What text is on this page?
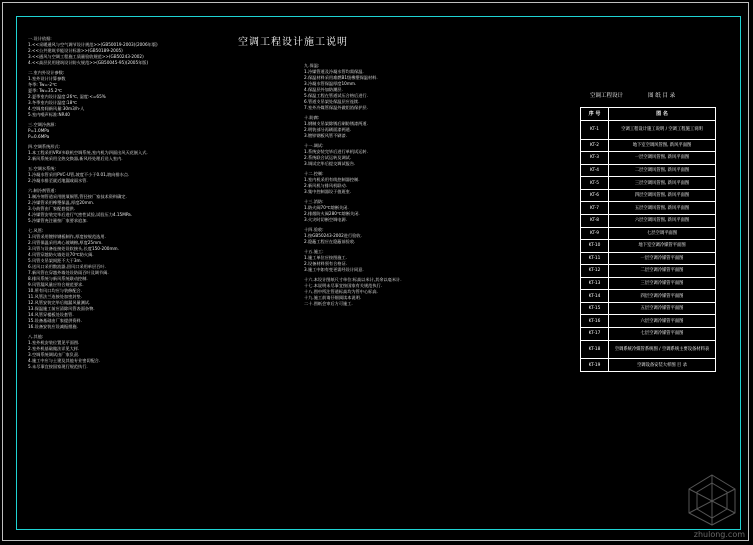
空调工程设计施工说明
一.设计依据:
1.<<采暖通风与空气调节设计规范>>(GB50019-2003)(2006年版)
2.<<公共建筑节能设计标准>>(GB50189-2005)
3.<<通风与空调工程施工质量验收规范>>(GB50243-2002)
4.<<高层民用建筑设计防火规范>>(GB50045-95)(2005年版)
二.室内外设计参数:
1.室外设计计算参数
冬季: Tw=-2℃
夏季: Tw=35.2℃
2.夏季室内设计温度:26℃, 湿度:<=65%
3.冬季室内设计温度:18℃
4.空调房间新风量:30m3/h·人
5.室内噪声标准:NR40
三.空调冷热源:
P=1.0MPa
P=0.6MPa
四.空调系统形式:
1.本工程采用VRV多联机空调系统,室内机为四面出风天花嵌入式.
2.新风系统采用全热交换器,新风经处理后送入室内.
五.空调水系统:
1.冷凝水管采用PVC-U管,坡度不小于0.01,坡向排水点.
2.冷凝水排至就近地漏或雨水管.
六.制冷剂管道:
1.制冷剂管道采用脱氧铜管,管径按厂家技术资料确定.
2.冷媒管采用橡塑保温,厚度20mm.
3.分歧管由厂家配套提供.
4.冷媒管安装完毕后进行气密性试验,试验压力4.15MPa.
5.冷媒管充注量按厂家要求追加.
七.风管:
1.风管采用镀锌钢板制作,厚度按规范选用.
2.风管保温采用离心玻璃棉,厚度25mm.
3.风管与设备连接处设软接头,长度150-200mm.
4.风管穿越防火墙处设70℃防火阀.
5.风管支吊架间距不大于3m.
6.送风口采用散流器,回风口采用单层百叶.
7.新风管在穿越外墙处设防雨百叶及调节阀.
8.排风系统与新风系统联动控制.
9.风管漏风量应符合规范要求.
10.所有风口均应与装修配合.
11.风管法兰连接处加密封垫.
12.风管安装完毕后做漏风量测试.
13.保温施工前应清除风管表面杂物.
14.风管穿楼板处设套管.
15.设备基础由厂家提供资料.
16.设备安装应设减振措施.
八.其他:
1.室外机安装位置见平面图.
2.室外机基础做法详见大样.
3.空调系统调试由厂家负责.
4.施工中应与土建及其他专业密切配合.
5.未尽事宜按国家现行规范执行.
九.保温:
1.冷媒管道及冷凝水管均需保温.
2.保温材料采用难燃B1级橡塑保温材料.
3.冷凝水管保温厚度10mm.
4.保温层外加防潮层.
5.保温工程在管道试压合格后进行.
6.管道支吊架处保温层应连续.
7.室外冷媒管保温外做铝箔保护层.
十.防腐:
1.钢制支吊架除锈后刷防锈漆两道.
2.明装部分再刷面漆两道.
3.镀锌钢板风管不刷漆.
十一.调试:
1.系统安装完毕后进行单机试运转.
2.系统联合试运转及调试.
3.调试完毕后提交调试报告.
十二.控制:
1.室内机采用有线控制器控制.
2.新风机与排风机联动.
3.集中控制器设于值班室.
十三.消防:
1.防火阀70℃熔断关闭.
2.排烟防火阀280℃熔断关闭.
3.火灾时切断空调电源.
十四.验收:
1.按GB50243-2002进行验收.
2.隐蔽工程应在隐蔽前验收.
十五.施工:
1.施工单位应按图施工.
2.设备材料须有合格证.
3.施工中如有变更需经设计同意.
十六.本设计图纸尺寸单位:标高以米计,其余以毫米计.
十七.本说明未尽事宜按国家有关规范执行.
十八.图中所注管道标高均为管中心标高.
十九.施工前请仔细阅读本说明.
二十.图纸会审后方可施工.
空调工程设计	图 纸 目 录
序 号	图 名
KT-1	空调工程设计施工说明 / 空调工程施工说明
KT-2	地下室空调风管图, 新风平面图
KT-3	一层空调风管图, 新风平面图
KT-4	二层空调风管图, 新风平面图
KT-5	三层空调风管图, 新风平面图
KT-6	四层空调风管图, 新风平面图
KT-7	五层空调风管图, 新风平面图
KT-8	六层空调风管图, 新风平面图
KT-9	七层空调平面图
KT-10	地下室空调冷媒管平面图
KT-11	一层空调冷媒管平面图
KT-12	二层空调冷媒管平面图
KT-13	三层空调冷媒管平面图
KT-14	四层空调冷媒管平面图
KT-15	五层空调冷媒管平面图
KT-16	六层空调冷媒管平面图
KT-17	七层空调冷媒管平面图
KT-18	空调系统冷媒管系统图 / 空调系统主要设备材料表
KT-19	空调设备安装大样图 目 录
zhulong.com
